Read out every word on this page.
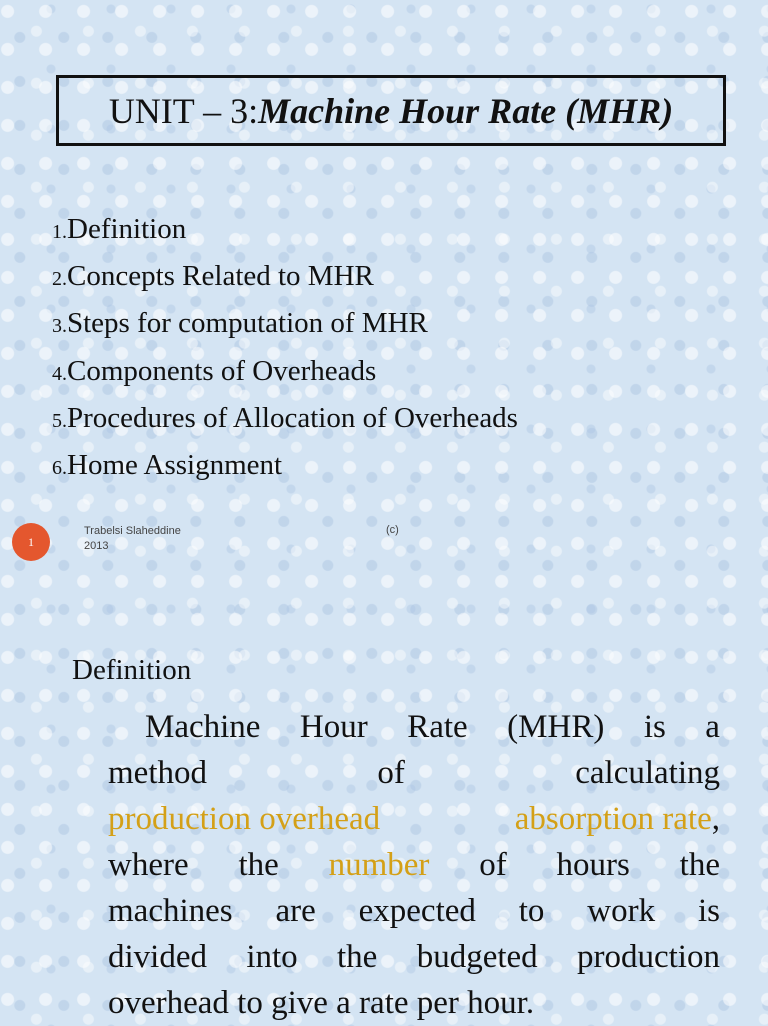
UNIT – 3: Machine Hour Rate (MHR)
1.Definition
2.Concepts Related to MHR
3.Steps for computation of MHR
4.Components of Overheads
5.Procedures of Allocation of Overheads
6.Home Assignment
1
Trabelsi Slaheddine
2013
(c)
Definition
Machine Hour Rate (MHR) is a
method	of	calculating
production overhead	absorption rate,
where the number of hours the
machines are expected to work is
divided into the budgeted production
overhead to give a rate per hour.
